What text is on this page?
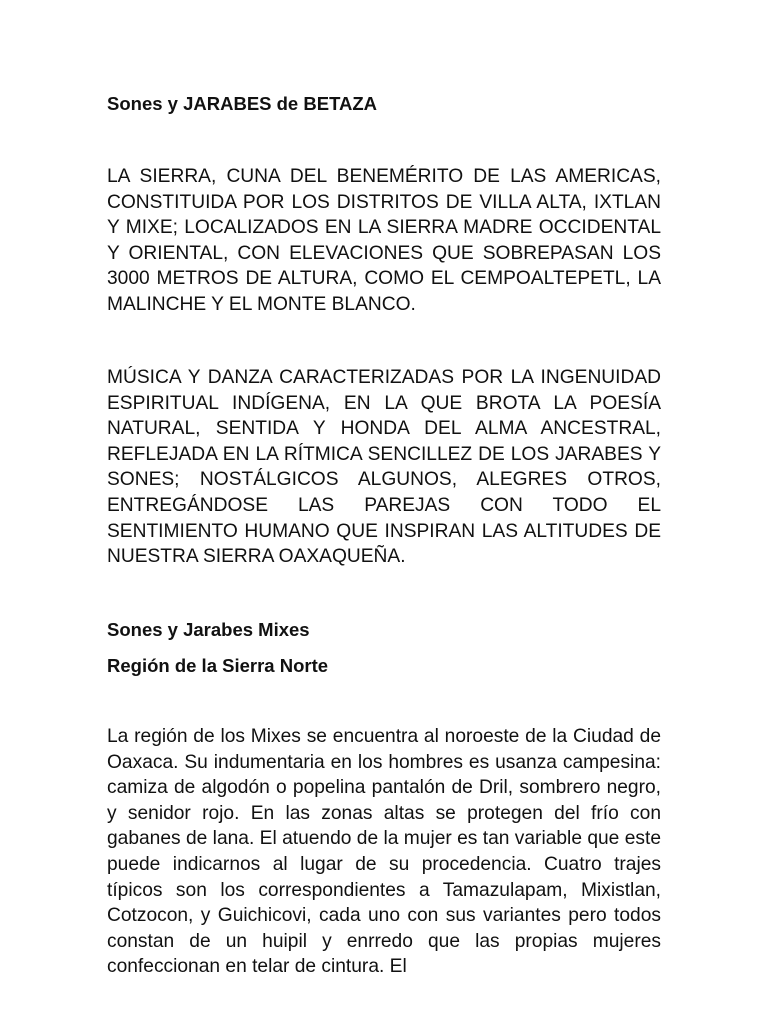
Sones y JARABES de BETAZA

LA SIERRA, CUNA DEL BENEMÉRITO DE LAS AMERICAS, CONSTITUIDA POR LOS DISTRITOS DE VILLA ALTA, IXTLAN Y MIXE; LOCALIZADOS EN LA SIERRA MADRE OCCIDENTAL Y ORIENTAL, CON ELEVACIONES QUE SOBREPASAN LOS 3000 METROS DE ALTURA, COMO EL CEMPOALTEPETL, LA MALINCHE Y EL MONTE BLANCO.

MÚSICA Y DANZA CARACTERIZADAS POR LA INGENUIDAD ESPIRITUAL INDÍGENA, EN LA QUE BROTA LA POESÍA NATURAL, SENTIDA Y HONDA DEL ALMA ANCESTRAL, REFLEJADA EN LA RÍTMICA SENCILLEZ DE LOS JARABES Y SONES; NOSTÁLGICOS ALGUNOS, ALEGRES OTROS, ENTREGÁNDOSE LAS PAREJAS CON TODO EL SENTIMIENTO HUMANO QUE INSPIRAN LAS ALTITUDES DE NUESTRA SIERRA OAXAQUEÑA.

Sones y Jarabes Mixes
Región de la Sierra Norte

La región de los Mixes se encuentra al noroeste de la Ciudad de Oaxaca. Su indumentaria en los hombres es usanza campesina: camiza de algodón o popelina pantalón de Dril, sombrero negro, y senidor rojo. En las zonas altas se protegen del frío con gabanes de lana. El atuendo de la mujer es tan variable que este puede indicarnos al lugar de su procedencia. Cuatro trajes típicos son los correspondientes a Tamazulapam, Mixistlan, Cotzocon, y Guichicovi, cada uno con sus variantes pero todos constan de un huipil y enrredo que las propias mujeres confeccionan en telar de cintura. El
